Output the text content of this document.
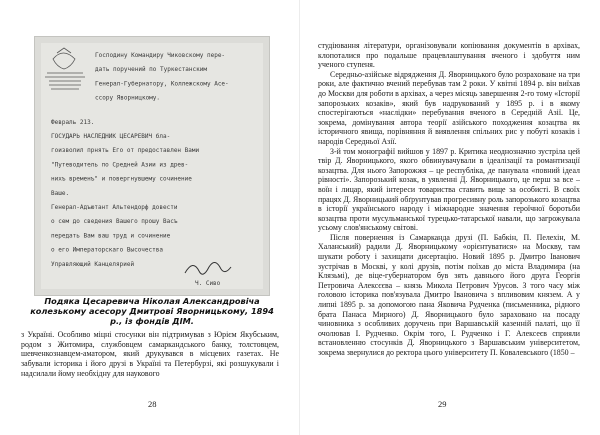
Господину Командиру Чиковскому пере-
дать поручений по Туркестанским
Генерал-Губернатору, Коллежскому Асе-
ссору Яворницкому.
Февраль 213.
ГОСУДАРЬ НАСЛЕДНИК ЦЕСАРЕВИЧ бла-
гоизволил прнять Его от предоставлен Вами
"Путеводитель по Средней Азии из древ-
нихъ временъ" и повергнувшему сочинение
Ваше.
Генерал-Адъютант Альтендорф довести
о сем до сведения Вашего прошу Васъ
передать Вам ваш труд и сочинение
о его Императорскаго Высочества
Управляющий Канцелярией
Ч. Сиво
Подяка Цесаревича Ніколая Александровіча колезькому асесору Дмитрові Яворницькому, 1894 р., із фондів ДІМ.
з Україні. Особливо міцні стосунки він підтримував з Юрієм Якубським, родом з Житомира, службовцем самаркандського банку, толстовцем, шевченкознавцем-аматором, який друкувався в місцевих газетах. Не забували історика і його друзі в Україні та Петербурзі, які розшукували і надсилали йому необхідну для наукового
28

студіювання літератури, організовували копіювання документів в архівах, клопоталися про подальше працевлаштування вченого і здобуття ним ученого ступеня.

Середньо-азійське відрядження Д. Яворницького було розраховане на три роки, але фактично вчений перебував там 2 роки. У квітні 1894 р. він виїхав до Москви для роботи в архівах, а через місяць завершення 2-го тому «Історії запорозьких козаків», який був надрукований у 1895 р. і в якому спостерігаються «наслідки» перебування вченого в Середній Азії. Це, зокрема, домінування автора теорії азійського походження козацтва як історичного явища, порівняння й виявлення спільних рис у побуті козаків і народів Середньої Азії.

З-й том монографії вийшов у 1897 р. Критика неоднозначно зустріла цей твір Д. Яворницького, якого обвинувачували в ідеалізації та романтизації козацтва. Для нього Запорожжя – це республіка, де панувала «повний ідеал рівності». Запорозький козак, в уявленні Д. Яворницького, це перш за все – воїн і лицар, який інтереси товариства ставить вище за особисті. В своїх працях Д. Яворницький обґрунтував прогресивну роль запорозького козацтва в історії українського народу і міжнародне значення героїчної боротьби козацтва проти мусульманської турецько-татарської навали, що загрожувала усьому слов'янському світові.

Після повернення із Самарканда друзі (П. Бабкін, П. Пелехін, М. Халанський) радили Д. Яворницькому «орієнтуватися» на Москву, там шукати роботу і захищати дисертацію. Новий 1895 р. Дмитро Іванович зустрічав в Москві, у колі друзів, потім поїхав до міста Владимира (на Клязьмі), де віце-губернатором був зять давнього його друга Георгія Петровича Алексєєва – князь Микола Петрович Урусов. З того часу між головою історика пов'язувала Дмитро Івановича з впливовим князем. А у липні 1895 р. за допомогою пана Яковича Рудченка (письменника, рідного брата Панаса Мирного) Д. Яворницького було зараховано на посаду чиновника з особливих доручень при Варшавській казенній палаті, що її очолював І. Рудченко. Окрім того, І. Рудченко і Г. Алексеєв сприяли встановленню стосунків Д. Яворницького з Варшавським університетом, зокрема звернулися до ректора цього університету П. Ковалевського (1850 –

29
